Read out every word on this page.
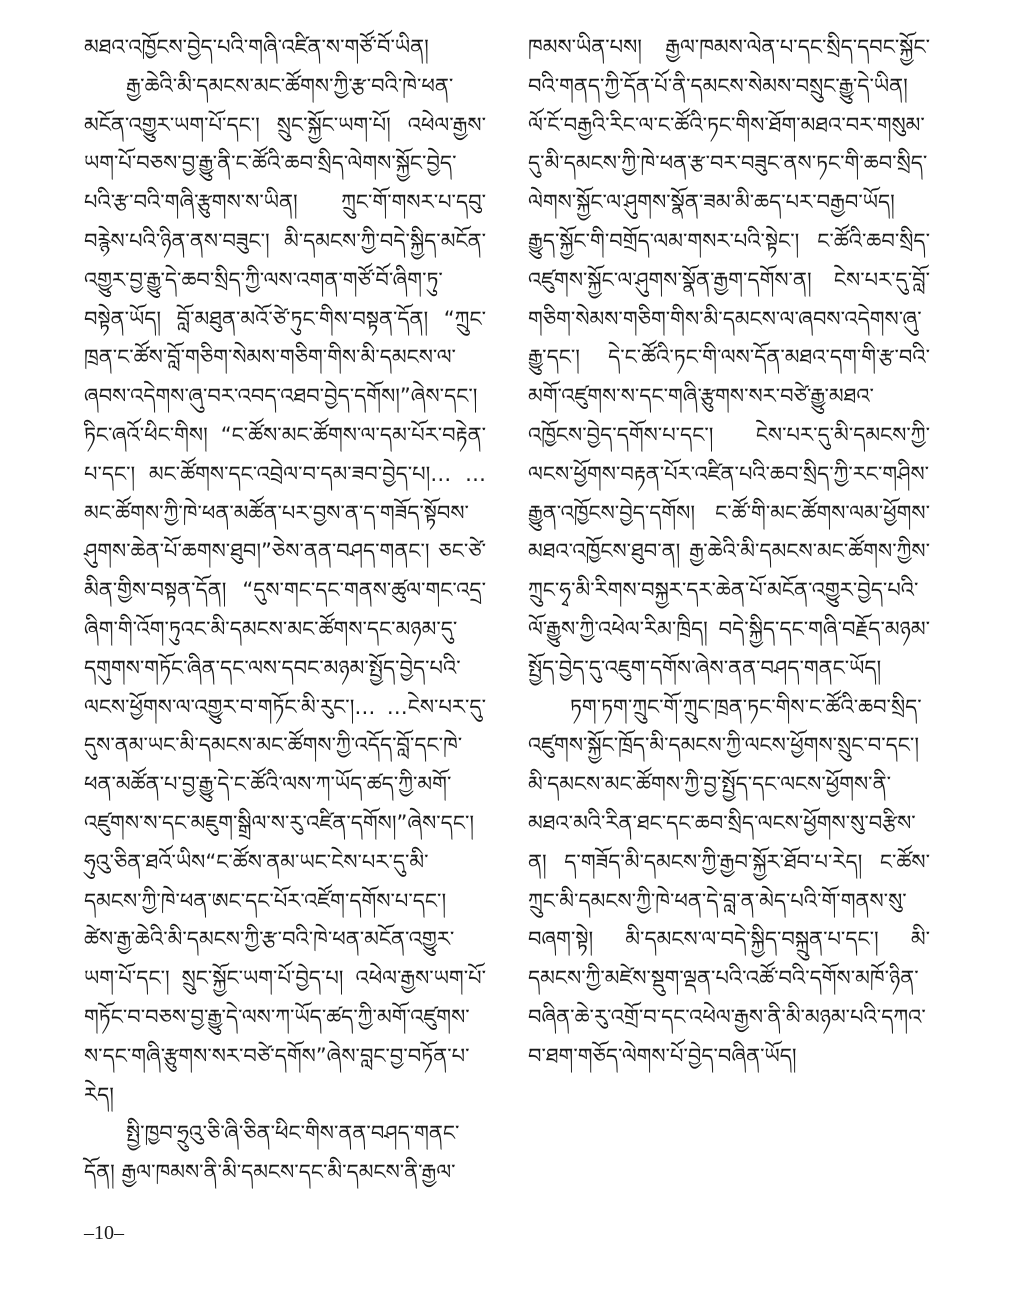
མཐའ་འཁྱོངས་བྱེད་པའི་གཞི་འཛིན་ས་གཙོ་བོ་ཡིན།

རྒྱ་ཆེའི་མི་དམངས་མང་ཚོགས་ཀྱི་རྩ་བའི་ཁེ་ཕན་མངོན་འགྱུར་ཡག་པོ་དང་། སྲུང་སྐྱོང་ཡག་པོ། འཕེལ་རྒྱས་ཡག་པོ་བཅས་བྱ་རྒྱུ་ནི་ང་ཚོའི་ཆབ་སྲིད་ལེགས་སྐྱོང་བྱེད་པའི་རྩ་བའི་གཞི་རྩུགས་ས་ཡིན། ཀྲུང་གོ་གསར་པ་དབུ་བརྙེས་པའི་ཉིན་ནས་བཟུང་། མི་དམངས་ཀྱི་བདེ་སྐྱིད་མངོན་འགྱུར་བྱ་རྒྱུ་དེ་ཆབ་སྲིད་ཀྱི་ལས་འགན་གཙོ་བོ་ཞིག་ཏུ་བསྟེན་ཡོད། བློ་མཐུན་མའོ་ཙེ་ཏུང་གིས་བསྟན་དོན། “ཀྲུང་ཁྲན་ང་ཚོས་བློ་གཅིག་སེམས་གཅིག་གིས་མི་དམངས་ལ་ཞབས་འདེགས་ཞུ་བར་འབད་འཐབ་བྱེད་དགོས།”ཞེས་དང་། ཏིང་ཞའོ་ཕིང་གིས། “ང་ཚོས་མང་ཚོགས་ལ་དམ་པོར་བརྟེན་པ་དང་། མང་ཚོགས་དང་འབྲེལ་བ་དམ་ཟབ་བྱེད་པ།… …མང་ཚོགས་ཀྱི་ཁེ་ཕན་མཚོན་པར་བྱས་ན་ད་གཟོད་སྟོབས་ཤུགས་ཆེན་པོ་ཆགས་ཐུབ།”ཅེས་ནན་བཤད་གནང་། ཅང་ཙེ་མིན་གྱིས་བསྟན་དོན། “དུས་གང་དང་གནས་ཚུལ་གང་འདྲ་ཞིག་གི་འོག་ཏུའང་མི་དམངས་མང་ཚོགས་དང་མཉམ་དུ་དགུགས་གཏོང་ཞིན་དང་ལས་དབང་མཉམ་སྤྱོད་བྱེད་པའི་ལངས་ཕྱོགས་ལ་འགྱུར་བ་གཏོང་མི་རུང་།… …ངེས་པར་དུ་དུས་ནམ་ཡང་མི་དམངས་མང་ཚོགས་ཀྱི་འདོད་བློ་དང་ཁེ་ཕན་མཚོན་པ་བྱ་རྒྱུ་དེ་ང་ཚོའི་ལས་ཀ་ཡོད་ཚད་ཀྱི་མགོ་འཛུགས་ས་དང་མཇུག་སྒྲིལ་ས་རུ་འཛིན་དགོས།”ཞེས་དང་། ཧུའུ་ཅིན་ཐའོ་ཡིས“ང་ཚོས་ནམ་ཡང་ངེས་པར་དུ་མི་དམངས་ཀྱི་ཁེ་ཕན་ཨང་དང་པོར་འཛོག་དགོས་པ་དང་། ཚེས་རྒྱ་ཆེའི་མི་དམངས་ཀྱི་རྩ་བའི་ཁེ་ཕན་མངོན་འགྱུར་ཡག་པོ་དང་། སྲུང་སྐྱོང་ཡག་པོ་བྱེད་པ། འཕེལ་རྒྱས་ཡག་པོ་གཏོང་བ་བཅས་བྱ་རྒྱུ་དེ་ལས་ཀ་ཡོད་ཚད་ཀྱི་མགོ་འཛུགས་ས་དང་གཞི་རྩུགས་སར་བཙེ་དགོས”ཞེས་བླང་བྱ་བཏོན་པ་རེད།

སྤྱི་ཁྱབ་ཧྲུའུ་ཅི་ཞི་ཅིན་ཕིང་གིས་ནན་བཤད་གནང་དོན། རྒྱལ་ཁམས་ནི་མི་དམངས་དང་མི་དམངས་ནི་རྒྱལ་

ཁམས་ཡིན་པས། རྒྱལ་ཁམས་ལེན་པ་དང་སྲིད་དབང་སྐྱོང་བའི་གནད་ཀྱི་དོན་པོ་ནི་དམངས་སེམས་བསྲུང་རྒྱུ་དེ་ཡིན། ལོ་ངོ་བརྒྱའི་རིང་ལ་ང་ཚོའི་ཏང་གིས་ཐོག་མཐའ་བར་གསུམ་དུ་མི་དམངས་ཀྱི་ཁེ་ཕན་རྩ་བར་བཟུང་ནས་ཏང་གི་ཆབ་སྲིད་ལེགས་སྐྱོང་ལ་ཤུགས་སྣོན་ཟམ་མི་ཆད་པར་བརྒྱབ་ཡོད། རྒྱུད་སྐྱོང་གི་བགྲོད་ལམ་གསར་པའི་སྟེང་། ང་ཚོའི་ཆབ་སྲིད་འཛུགས་སྐྱོང་ལ་ཤུགས་སྣོན་རྒྱག་དགོས་ན། ངེས་པར་དུ་བློ་གཅིག་སེམས་གཅིག་གིས་མི་དམངས་ལ་ཞབས་འདེགས་ཞུ་རྒྱུ་དང་། དེ་ང་ཚོའི་ཏང་གི་ལས་དོན་མཐའ་དག་གི་རྩ་བའི་མགོ་འཛུགས་ས་དང་གཞི་རྩུགས་སར་བཙེ་རྒྱུ་མཐའ་འཁྱོངས་བྱེད་དགོས་པ་དང་། ངེས་པར་དུ་མི་དམངས་ཀྱི་ལངས་ཕྱོགས་བརྟན་པོར་འཛིན་པའི་ཆབ་སྲིད་ཀྱི་རང་གཤིས་རྒྱུན་འཁྱོངས་བྱེད་དགོས། ང་ཚོ་གི་མང་ཚོགས་ལམ་ཕྱོགས་མཐའ་འཁྱོངས་ཐུབ་ན། རྒྱ་ཆེའི་མི་དམངས་མང་ཚོགས་ཀྱིས་ཀྲུང་ཧྭ་མི་རིགས་བསྐྱར་དར་ཆེན་པོ་མངོན་འགྱུར་བྱེད་པའི་ལོ་རྒྱུས་ཀྱི་འཕེལ་རིམ་ཁྲིད། བདེ་སྐྱིད་དང་གཞི་བརྗོད་མཉམ་སྤྱོད་བྱེད་དུ་འཇུག་དགོས་ཞེས་ནན་བཤད་གནང་ཡོད།

ཏག་ཏག་ཀྲུང་གོ་ཀྲུང་ཁྲན་ཏང་གིས་ང་ཚོའི་ཆབ་སྲིད་འཛུགས་སྐྱོང་ཁྲོད་མི་དམངས་ཀྱི་ལངས་ཕྱོགས་སྲུང་བ་དང་། མི་དམངས་མང་ཚོགས་ཀྱི་བྱ་སྤྱོད་དང་ལངས་ཕྱོགས་ནི་མཐའ་མའི་རིན་ཐང་དང་ཆབ་སྲིད་ལངས་ཕྱོགས་སུ་བརྩིས་ན། ད་གཟོད་མི་དམངས་ཀྱི་རྒྱབ་སྐྱོར་ཐོབ་པ་རེད། ང་ཚོས་ཀྲུང་མི་དམངས་ཀྱི་ཁེ་ཕན་དེ་བླ་ན་མེད་པའི་གོ་གནས་སུ་བཞག་སྟེ། མི་དམངས་ལ་བདེ་སྐྱིད་བསྐྲུན་པ་དང་། མི་དམངས་ཀྱི་མཛེས་སྡུག་ལྡན་པའི་འཚོ་བའི་དགོས་མཁོ་ཉིན་བཞིན་ཆེ་རུ་འགྲོ་བ་དང་འཕེལ་རྒྱས་ནི་མི་མཉམ་པའི་དཀའ་བ་ཐག་གཅོད་ལེགས་པོ་བྱེད་བཞིན་ཡོད།

–10–
